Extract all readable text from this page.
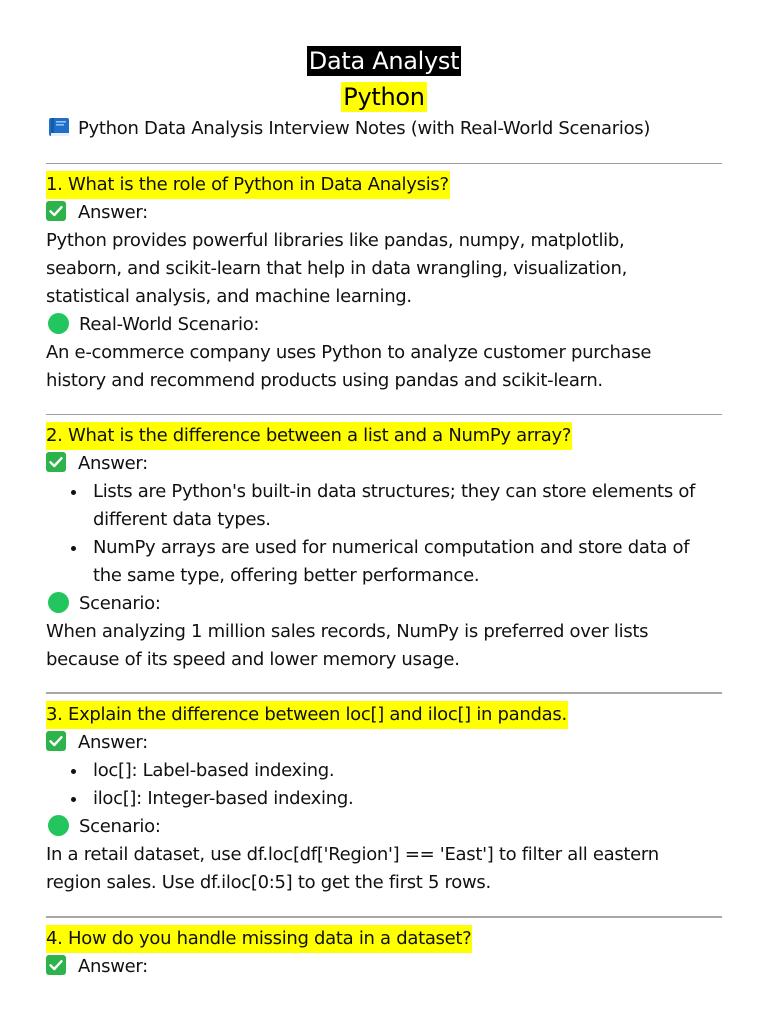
Data Analyst
Python
Python Data Analysis Interview Notes (with Real-World Scenarios)
1. What is the role of Python in Data Analysis?
Answer:
Python provides powerful libraries like pandas, numpy, matplotlib,
seaborn, and scikit-learn that help in data wrangling, visualization,
statistical analysis, and machine learning.
Real-World Scenario:
An e-commerce company uses Python to analyze customer purchase
history and recommend products using pandas and scikit-learn.
2. What is the difference between a list and a NumPy array?
Answer:
Lists are Python's built-in data structures; they can store elements of
different data types.
NumPy arrays are used for numerical computation and store data of
the same type, offering better performance.
Scenario:
When analyzing 1 million sales records, NumPy is preferred over lists
because of its speed and lower memory usage.
3. Explain the difference between loc[] and iloc[] in pandas.
Answer:
loc[]: Label-based indexing.
iloc[]: Integer-based indexing.
Scenario:
In a retail dataset, use df.loc[df['Region'] == 'East'] to filter all eastern
region sales. Use df.iloc[0:5] to get the first 5 rows.
4. How do you handle missing data in a dataset?
Answer:
